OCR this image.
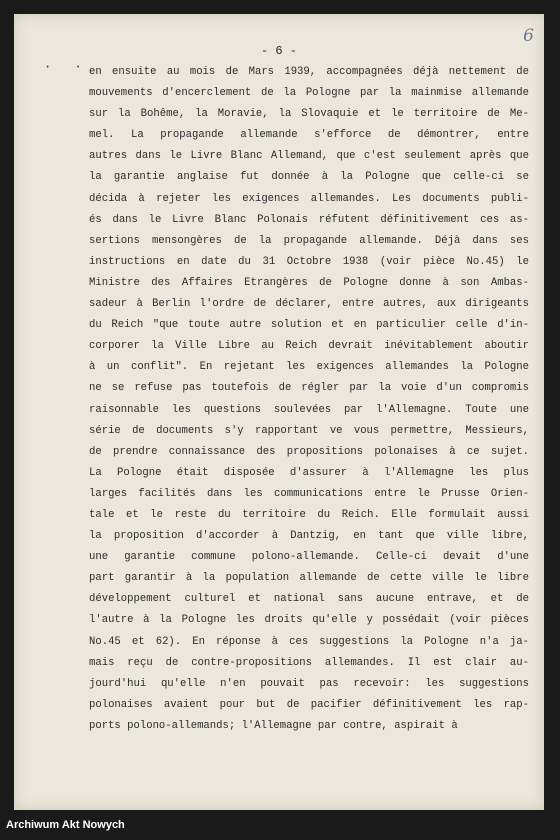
6
- 6 -
· · en ensuite au mois de Mars 1939, accompagnées déjà nettement de
mouvements d'encerclement de la Pologne par la mainmise allemande
sur la Bohême, la Moravie, la Slovaquie et le territoire de Me-
mel. La propagande allemande s'efforce de démontrer, entre
autres dans le Livre Blanc Allemand, que c'est seulement après que
la garantie anglaise fut donnée à la Pologne que celle-ci se
décida à rejeter les exigences allemandes. Les documents publi-
és dans le Livre Blanc Polonais réfutent définitivement ces as-
sertions mensongères de la propagande allemande. Déjà dans ses
instructions en date du 31 Octobre 1938 (voir pièce No.45) le
Ministre des Affaires Etrangères de Pologne donne à son Ambas-
sadeur à Berlin l'ordre de déclarer, entre autres, aux dirigeants
du Reich "que toute autre solution et en particulier celle d'in-
corporer la Ville Libre au Reich devrait inévitablement aboutir
à un conflit". En rejetant les exigences allemandes la Pologne
ne se refuse pas toutefois de régler par la voie d'un compromis
raisonnable les questions soulevées par l'Allemagne. Toute une
série de documents s'y rapportant ve vous permettre, Messieurs,
de prendre connaissance des propositions polonaises à ce sujet.
La Pologne était disposée d'assurer à l'Allemagne les plus
larges facilités dans les communications entre le Prusse Orien-
tale et le reste du territoire du Reich. Elle formulait aussi
la proposition d'accorder à Dantzig, en tant que ville libre,
une garantie commune polono-allemande. Celle-ci devait d'une
part garantir à la population allemande de cette ville le libre
développement culturel et national sans aucune entrave, et de
l'autre à la Pologne les droits qu'elle y possédait (voir pièces
No.45 et 62). En réponse à ces suggestions la Pologne n'a ja-
mais reçu de contre-propositions allemandes. Il est clair au-
jourd'hui qu'elle n'en pouvait pas recevoir: les suggestions
polonaises avaient pour but de pacifier définitivement les rap-
ports polono-allemands; l'Allemagne par contre, aspirait à
Archiwum Akt Nowych
